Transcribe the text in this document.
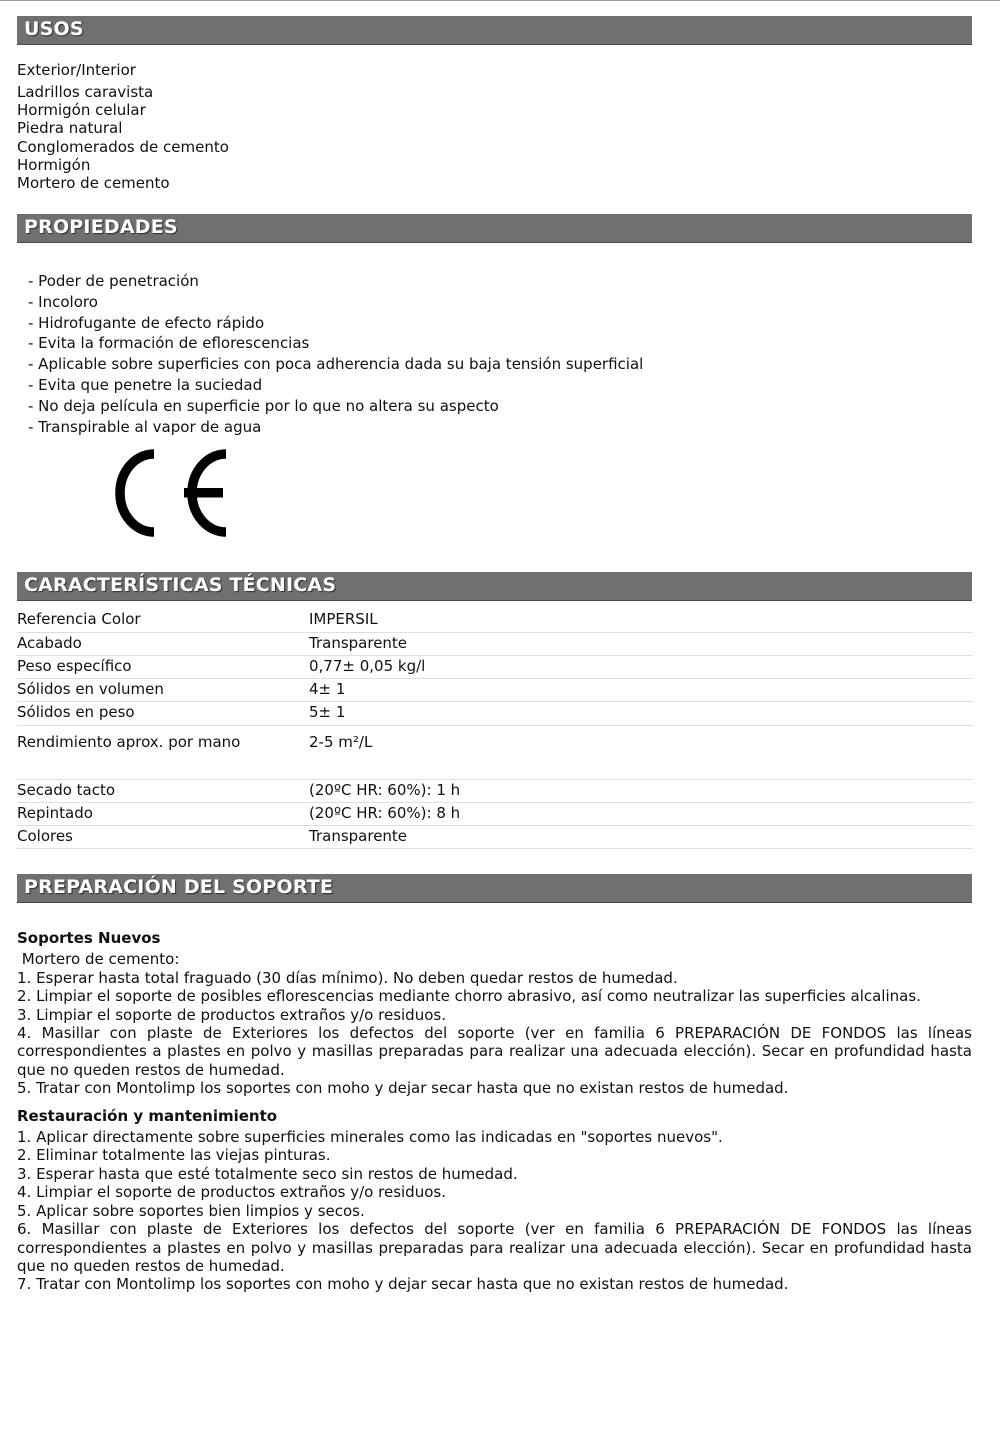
USOS
Exterior/Interior
Ladrillos caravista
Hormigón celular
Piedra natural
Conglomerados de cemento
Hormigón
Mortero de cemento
PROPIEDADES
- Poder de penetración
- Incoloro
- Hidrofugante de efecto rápido
- Evita la formación de eflorescencias
- Aplicable sobre superficies con poca adherencia dada su baja tensión superficial
- Evita que penetre la suciedad
- No deja película en superficie por lo que no altera su aspecto
- Transpirable al vapor de agua
CARACTERÍSTICAS TÉCNICAS
Referencia Color	IMPERSIL
Acabado	Transparente
Peso específico	0,77± 0,05 kg/l
Sólidos en volumen	4± 1
Sólidos en peso	5± 1
Rendimiento aprox. por mano	2-5 m²/L
Secado tacto	(20ºC HR: 60%): 1 h
Repintado	(20ºC HR: 60%): 8 h
Colores	Transparente
PREPARACIÓN DEL SOPORTE
Soportes Nuevos
Mortero de cemento:
1. Esperar hasta total fraguado (30 días mínimo). No deben quedar restos de humedad.
2. Limpiar el soporte de posibles eflorescencias mediante chorro abrasivo, así como neutralizar las superficies alcalinas.
3. Limpiar el soporte de productos extraños y/o residuos.
4. Masillar con plaste de Exteriores los defectos del soporte (ver en familia 6 PREPARACIÓN DE FONDOS las líneas correspondientes a plastes en polvo y masillas preparadas para realizar una adecuada elección). Secar en profundidad hasta que no queden restos de humedad.
5. Tratar con Montolimp los soportes con moho y dejar secar hasta que no existan restos de humedad.
Restauración y mantenimiento
1. Aplicar directamente sobre superficies minerales como las indicadas en "soportes nuevos".
2. Eliminar totalmente las viejas pinturas.
3. Esperar hasta que esté totalmente seco sin restos de humedad.
4. Limpiar el soporte de productos extraños y/o residuos.
5. Aplicar sobre soportes bien limpios y secos.
6. Masillar con plaste de Exteriores los defectos del soporte (ver en familia 6 PREPARACIÓN DE FONDOS las líneas correspondientes a plastes en polvo y masillas preparadas para realizar una adecuada elección). Secar en profundidad hasta que no queden restos de humedad.
7. Tratar con Montolimp los soportes con moho y dejar secar hasta que no existan restos de humedad.
